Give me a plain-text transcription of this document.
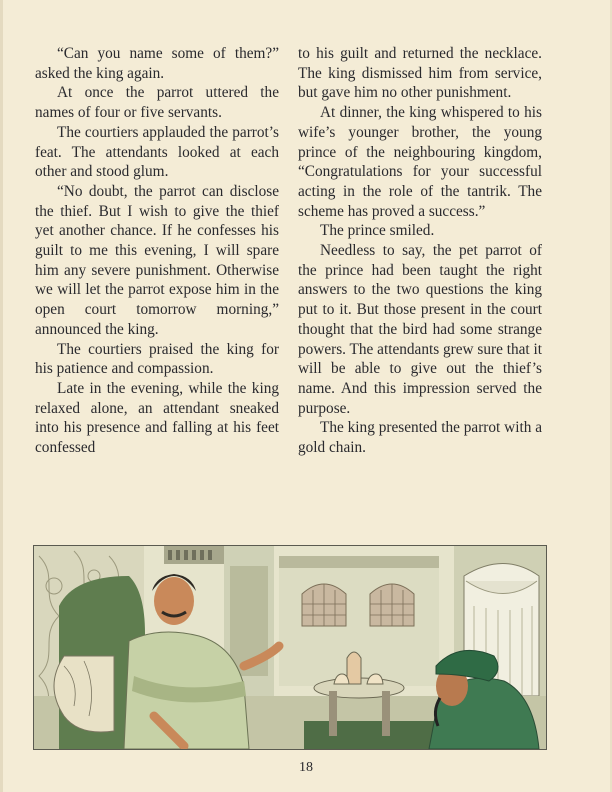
“Can you name some of them?” asked the king again.

At once the parrot uttered the names of four or five servants.

The courtiers applauded the parrot’s feat. The attendants looked at each other and stood glum.

“No doubt, the parrot can disclose the thief. But I wish to give the thief yet another chance. If he confesses his guilt to me this evening, I will spare him any severe punishment. Otherwise we will let the parrot expose him in the open court tomorrow morning,” announced the king.

The courtiers praised the king for his patience and compassion.

Late in the evening, while the king relaxed alone, an attendant sneaked into his presence and falling at his feet confessed

to his guilt and returned the necklace. The king dismissed him from service, but gave him no other punishment.

At dinner, the king whispered to his wife’s younger brother, the young prince of the neighbouring kingdom, “Congratulations for your successful acting in the role of the tantrik. The scheme has proved a success.”

The prince smiled.

Needless to say, the pet parrot of the prince had been taught the right answers to the two questions the king put to it. But those present in the court thought that the bird had some strange powers. The attendants grew sure that it will be able to give out the thief’s name. And this impression served the purpose.

The king presented the parrot with a gold chain.

18
